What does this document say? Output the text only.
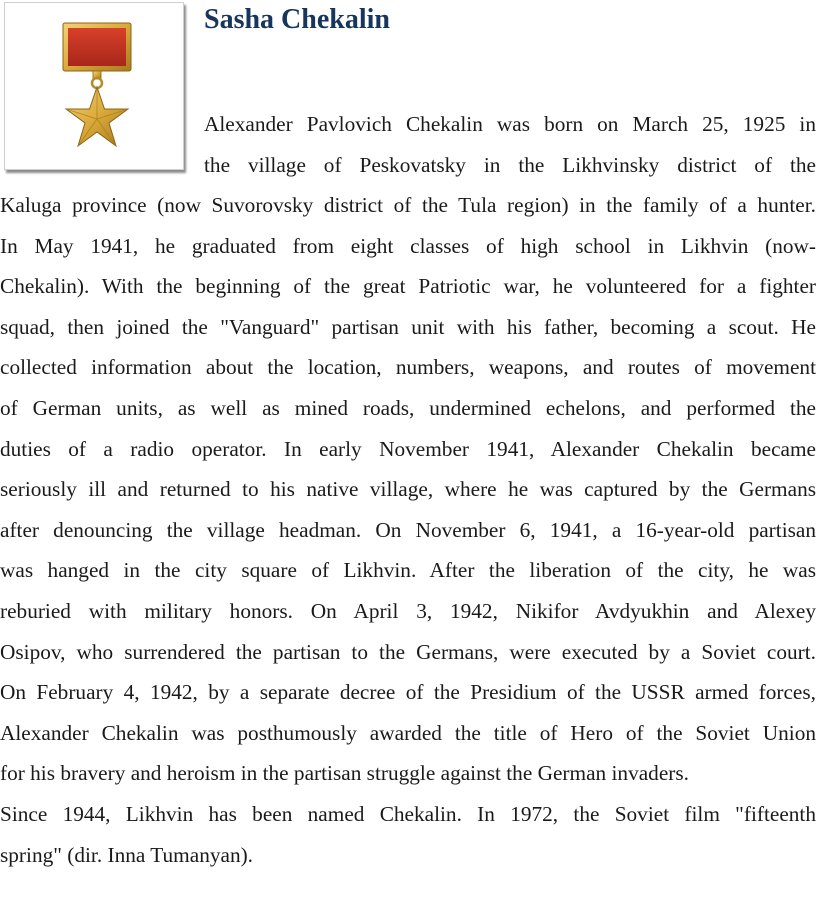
Sasha Chekalin

Alexander Pavlovich Chekalin was born on March 25, 1925 in
the village of Peskovatsky in the Likhvinsky district of the

Kaluga province (now Suvorovsky district of the Tula region) in the family of a hunter.
In May 1941, he graduated from eight classes of high school in Likhvin (now-
Chekalin). With the beginning of the great Patriotic war, he volunteered for a fighter
squad, then joined the "Vanguard" partisan unit with his father, becoming a scout. He
collected information about the location, numbers, weapons, and routes of movement
of German units, as well as mined roads, undermined echelons, and performed the
duties of a radio operator. In early November 1941, Alexander Chekalin became
seriously ill and returned to his native village, where he was captured by the Germans
after denouncing the village headman. On November 6, 1941, a 16-year-old partisan
was hanged in the city square of Likhvin. After the liberation of the city, he was
reburied with military honors. On April 3, 1942, Nikifor Avdyukhin and Alexey
Osipov, who surrendered the partisan to the Germans, were executed by a Soviet court.
On February 4, 1942, by a separate decree of the Presidium of the USSR armed forces,
Alexander Chekalin was posthumously awarded the title of Hero of the Soviet Union
for his bravery and heroism in the partisan struggle against the German invaders.
Since 1944, Likhvin has been named Chekalin. In 1972, the Soviet film "fifteenth
spring" (dir. Inna Tumanyan).
